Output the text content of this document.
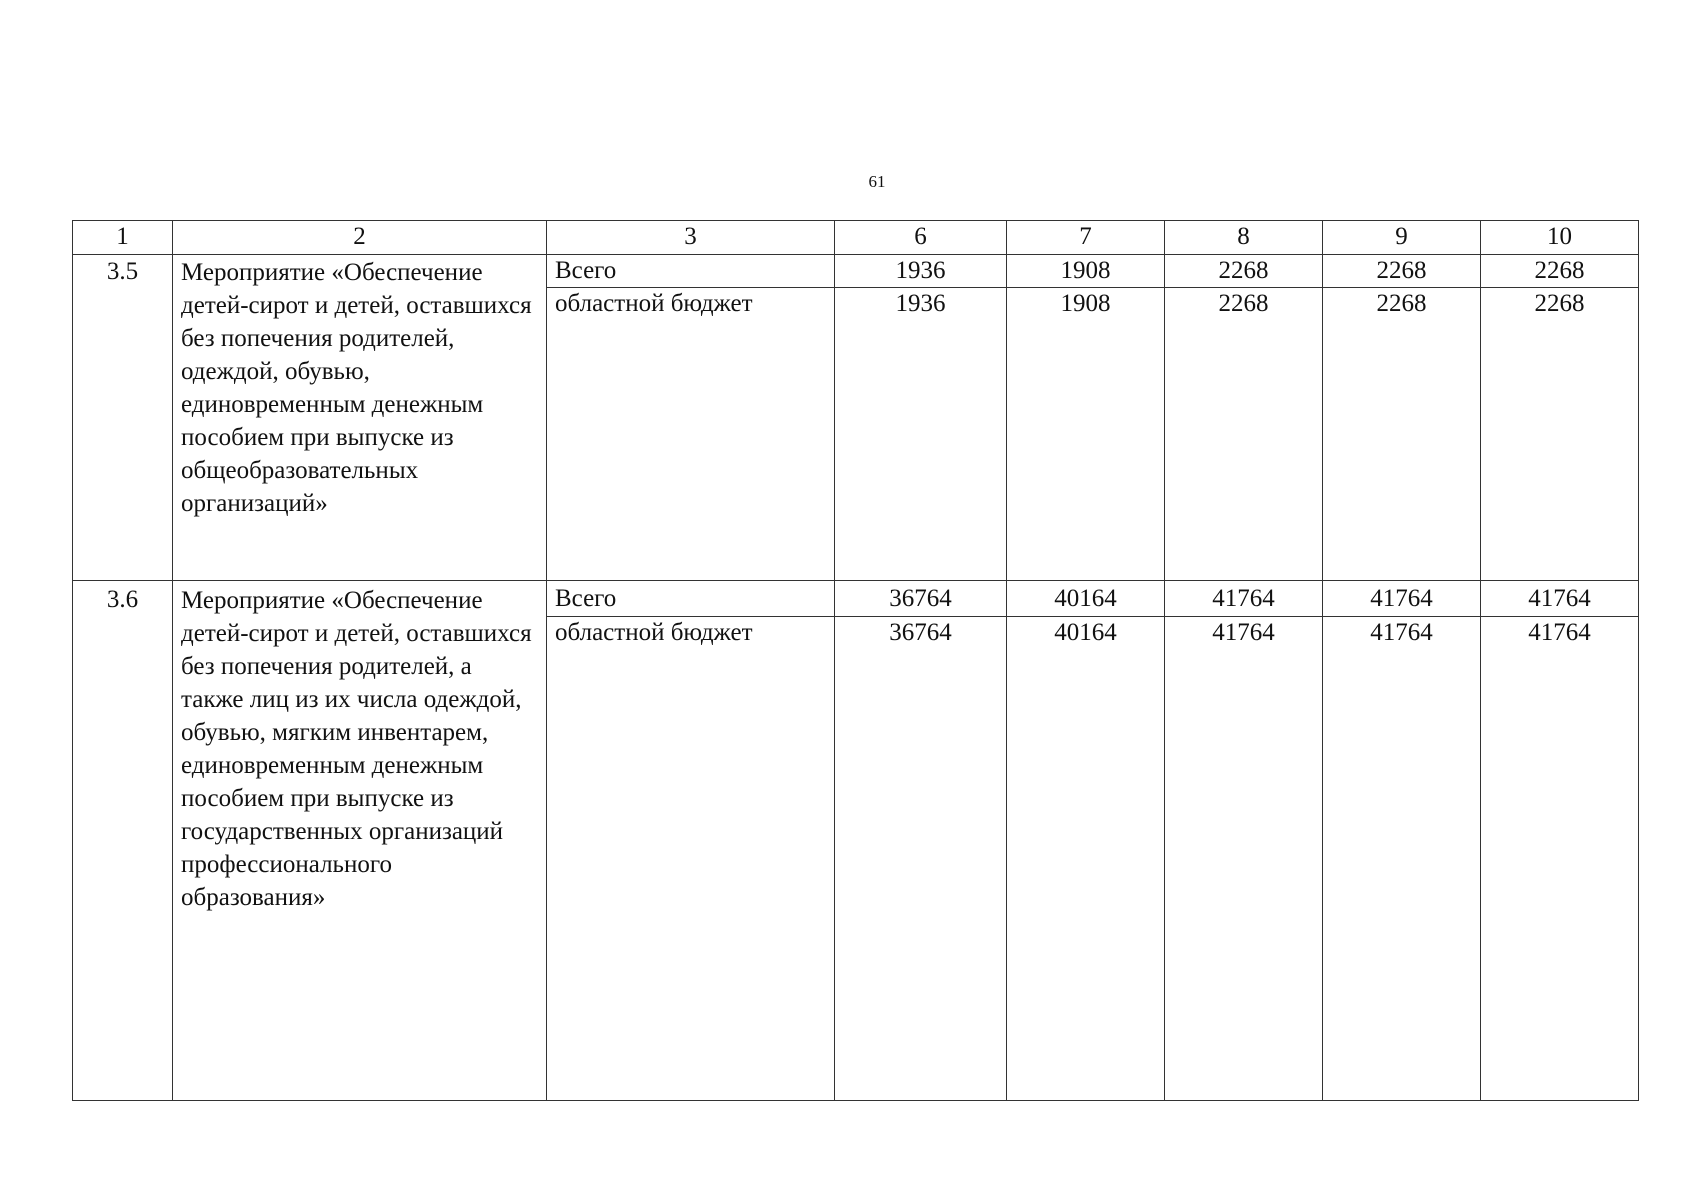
61
1	2	3	6	7	8	9	10
3.5	Мероприятие «Обеспечение детей-сирот и детей, оставшихся без попечения родителей, одеждой, обувью, единовременным денежным пособием при выпуске из общеобразовательных организаций»	Всего	1936	1908	2268	2268	2268
		областной бюджет	1936	1908	2268	2268	2268
3.6	Мероприятие «Обеспечение детей-сирот и детей, оставшихся без попечения родителей, а также лиц из их числа одеждой, обувью, мягким инвентарем, единовременным денежным пособием при выпуске из государственных организаций профессионального образования»	Всего	36764	40164	41764	41764	41764
		областной бюджет	36764	40164	41764	41764	41764
